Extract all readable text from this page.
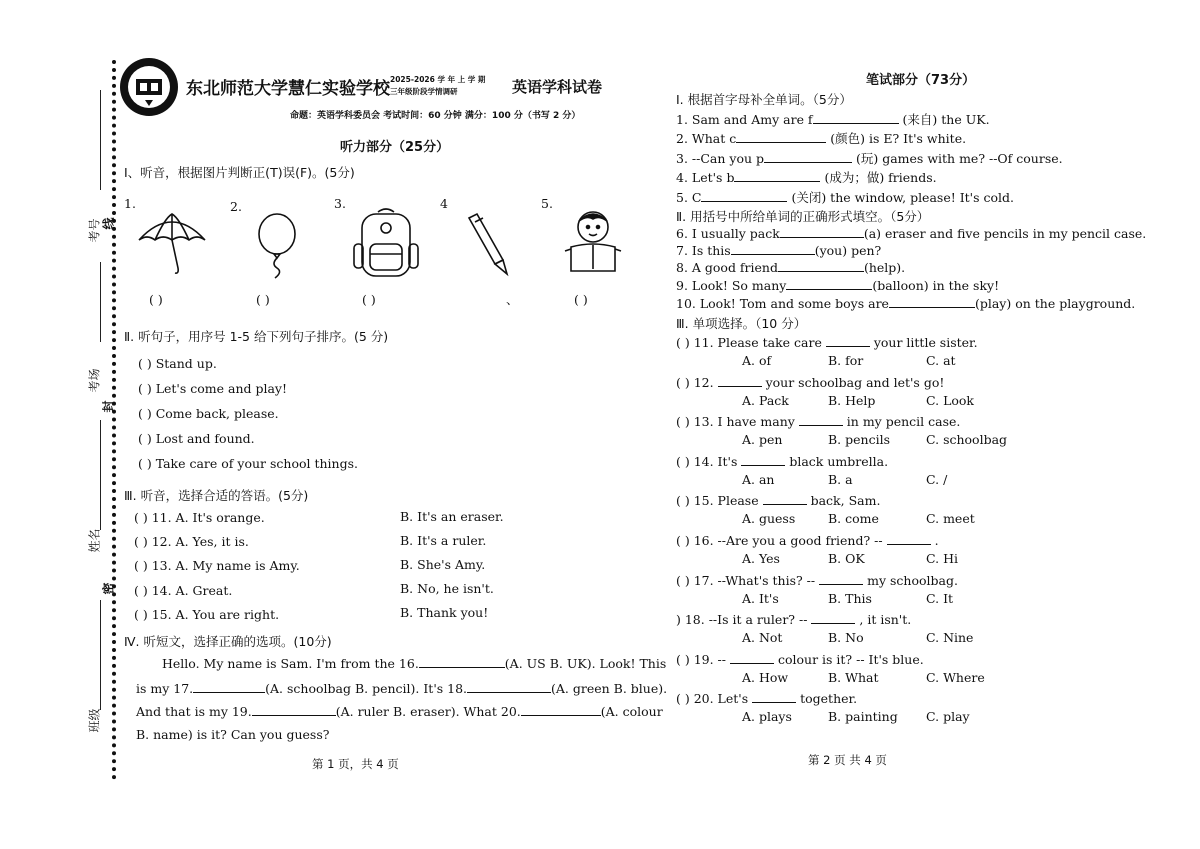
考号 线
考场
封
姓名
密
班级
东北师范大学慧仁实验学校 2025-2026 学 年 上 学 期
三年级阶段学情调研	英语学科试卷
命题：英语学科委员会 考试时间：60 分钟 满分：100 分（书写 2 分）
听力部分（25分）
Ⅰ、听音，根据图片判断正(T)误(F)。(5分)
1.	2.	3.	4	5.
( )	( )	( )	、	( )
Ⅱ. 听句子，用序号 1-5 给下列句子排序。(5 分)
( ) Stand up.
( ) Let's come and play!
( ) Come back, please.
( ) Lost and found.
( ) Take care of your school things.
Ⅲ. 听音，选择合适的答语。(5分)
( ) 11. A. It's orange.	B. It's an eraser.
( ) 12. A. Yes, it is.	B. It's a ruler.
( ) 13. A. My name is Amy.	B. She's Amy.
( ) 14. A. Great.	B. No, he isn't.
( ) 15. A. You are right.	B. Thank you!
Ⅳ. 听短文，选择正确的选项。(10分)
Hello. My name is Sam. I'm from the 16.	(A. US B. UK). Look! This
is my 17.	(A. schoolbag B. pencil). It's 18.	(A. green B. blue).
And that is my 19.	(A. ruler B. eraser). What 20.	(A. colour
B. name) is it? Can you guess?
第 1 页，共 4 页
笔试部分（73分）
Ⅰ. 根据首字母补全单词。（5分）
1. Sam and Amy are f	(来自) the UK.
2. What c	(颜色) is E? It's white.
3. --Can you p	(玩) games with me? --Of course.
4. Let's b	(成为；做) friends.
5. C	(关闭) the window, please! It's cold.
Ⅱ. 用括号中所给单词的正确形式填空。（5分）
6. I usually pack	(a) eraser and five pencils in my pencil case.
7. Is this	(you) pen?
8. A good friend	(help).
9. Look! So many	(balloon) in the sky!
10. Look! Tom and some boys are	(play) on the playground.
Ⅲ. 单项选择。（10 分）
( ) 11. Please take care	your little sister.
A. of	B. for	C. at
( ) 12.	your schoolbag and let's go!
A. Pack	B. Help	C. Look
( ) 13. I have many	in my pencil case.
A. pen	B. pencils	C. schoolbag
( ) 14. It's	black umbrella.
A. an	B. a	C. /
( ) 15. Please	back, Sam.
A. guess	B. come	C. meet
( ) 16. --Are you a good friend? --	.
A. Yes	B. OK	C. Hi
( ) 17. --What's this? --	my schoolbag.
A. It's	B. This	C. It
) 18. --Is it a ruler? --	, it isn't.
A. Not	B. No	C. Nine
( ) 19. --	colour is it? -- It's blue.
A. How	B. What	C. Where
( ) 20. Let's	together.
A. plays	B. painting C. play
第 2 页 共 4 页
